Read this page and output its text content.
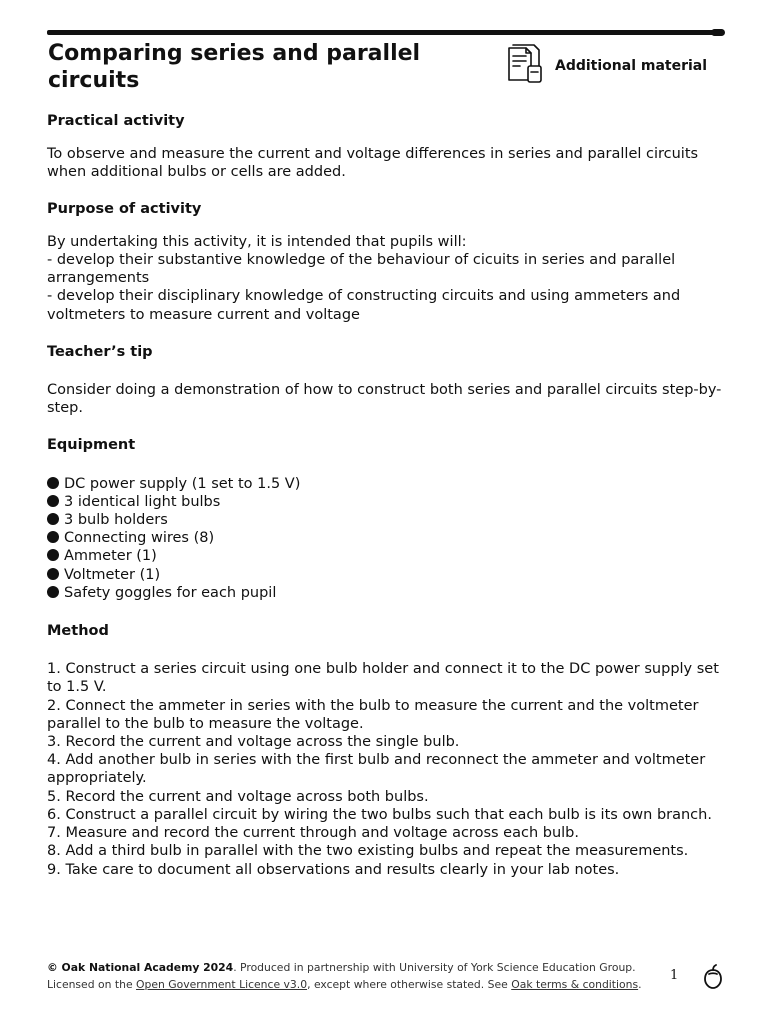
Comparing series and parallel circuits
Additional material

Practical activity

To observe and measure the current and voltage differences in series and parallel circuits when additional bulbs or cells are added.

Purpose of activity

By undertaking this activity, it is intended that pupils will:

- develop their substantive knowledge of the behaviour of cicuits in series and parallel arrangements

- develop their disciplinary knowledge of constructing circuits and using ammeters and voltmeters to measure current and voltage

Teacher’s tip

Consider doing a demonstration of how to construct both series and parallel circuits step-by-step.

Equipment

DC power supply (1 set to 1.5 V)
3 identical light bulbs
3 bulb holders
Connecting wires (8)
Ammeter (1)
Voltmeter (1)
Safety goggles for each pupil

Method

1. Construct a series circuit using one bulb holder and connect it to the DC power supply set to 1.5 V.

2. Connect the ammeter in series with the bulb to measure the current and the voltmeter parallel to the bulb to measure the voltage.

3. Record the current and voltage across the single bulb.

4. Add another bulb in series with the first bulb and reconnect the ammeter and voltmeter appropriately.

5. Record the current and voltage across both bulbs.

6. Construct a parallel circuit by wiring the two bulbs such that each bulb is its own branch.

7. Measure and record the current through and voltage across each bulb.

8. Add a third bulb in parallel with the two existing bulbs and repeat the measurements.

9. Take care to document all observations and results clearly in your lab notes.

© Oak National Academy 2024. Produced in partnership with University of York Science Education Group.
Licensed on the Open Government Licence v3.0, except where otherwise stated. See Oak terms & conditions.
1
